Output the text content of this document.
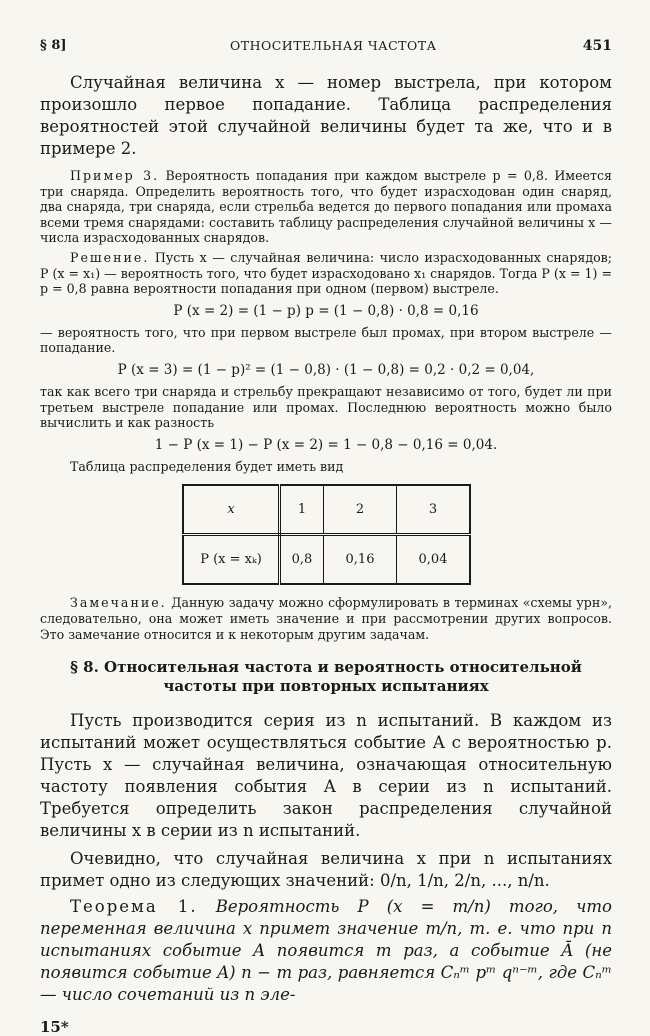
§ 8]	ОТНОСИТЕЛЬНАЯ ЧАСТОТА	451

Случайная величина x — номер выстрела, при котором произошло первое попадание. Таблица распределения вероятностей этой случайной величины будет та же, что и в примере 2.

Пример 3. Вероятность попадания при каждом выстреле p = 0,8. Имеется три снаряда. Определить вероятность того, что будет израсходован один снаряд, два снаряда, три снаряда, если стрельба ведется до первого попадания или промаха всеми тремя снарядами: составить таблицу распределения случайной величины x — числа израсходованных снарядов.

Решение. Пусть x — случайная величина: число израсходованных снарядов; P (x = x₁) — вероятность того, что будет израсходовано x₁ снарядов. Тогда P (x = 1) = p = 0,8 равна вероятности попадания при одном (первом) выстреле.

P (x = 2) = (1 − p) p = (1 − 0,8) · 0,8 = 0,16

— вероятность того, что при первом выстреле был промах, при втором выстреле — попадание.

P (x = 3) = (1 − p)² = (1 − 0,8) · (1 − 0,8) = 0,2 · 0,2 = 0,04,

так как всего три снаряда и стрельбу прекращают независимо от того, будет ли при третьем выстреле попадание или промах. Последнюю вероятность можно было вычислить и как разность

1 − P (x = 1) − P (x = 2) = 1 − 0,8 − 0,16 = 0,04.

Таблица распределения будет иметь вид

x	1	2	3
P (x = xₖ)	0,8	0,16	0,04

Замечание. Данную задачу можно сформулировать в терминах «схемы урн», следовательно, она может иметь значение и при рассмотрении других вопросов. Это замечание относится и к некоторым другим задачам.

§ 8. Относительная частота и вероятность относительной
частоты при повторных испытаниях

Пусть производится серия из n испытаний. В каждом из испытаний может осуществляться событие A с вероятностью p. Пусть x — случайная величина, означающая относительную частоту появления события A в серии из n испытаний. Требуется определить закон распределения случайной величины x в серии из n испытаний.

Очевидно, что случайная величина x при n испытаниях примет одно из следующих значений: 0/n, 1/n, 2/n, ..., n/n.

Теорема 1. Вероятность P (x = m/n) того, что переменная величина x примет значение m/n, т. е. что при n испытаниях событие A появится m раз, а событие Ā (не появится событие A) n − m раз, равняется Cₙᵐ pᵐ qⁿ⁻ᵐ, где Cₙᵐ — число сочетаний из n эле-

15*
